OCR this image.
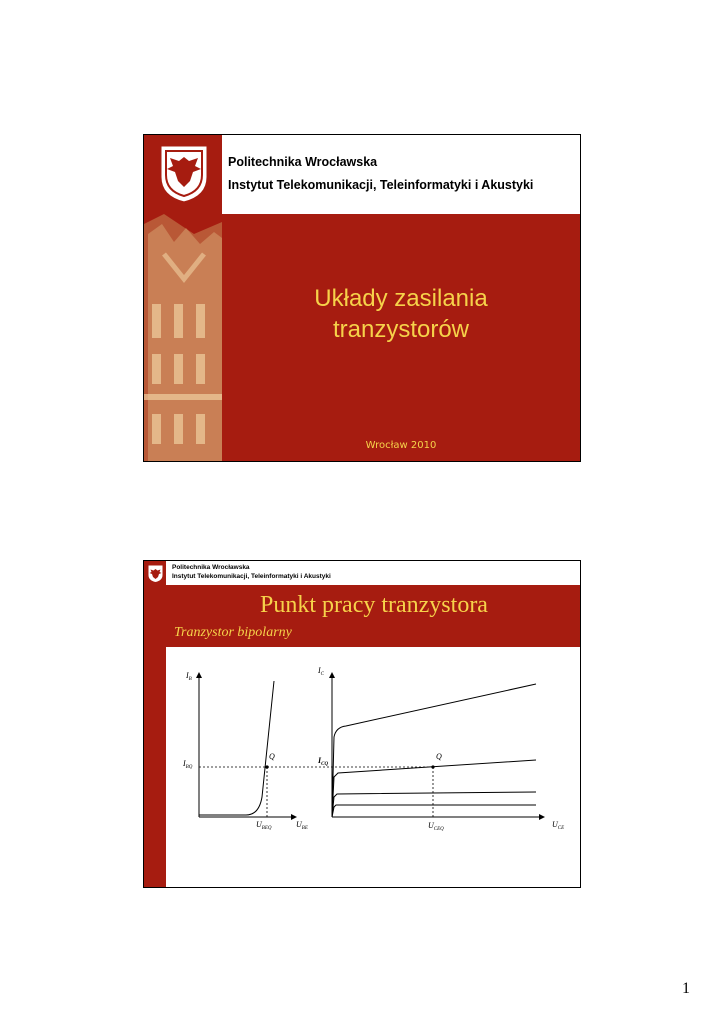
Politechnika Wrocławska
Instytut Telekomunikacji, Teleinformatyki i Akustyki
Układy zasilania
tranzystorów
Wrocław 2010
Politechnika Wrocławska
Instytut Telekomunikacji, Teleinformatyki i Akustyki
Punkt pracy tranzystora
Tranzystor bipolarny
$I_B$
$I_{BQ}$
Q
$U_{BEQ}$	$U_{BE}$
$I_C$
$I_{CQ}$
Q
$U_{CEQ}$
$U_{CE}$
1
